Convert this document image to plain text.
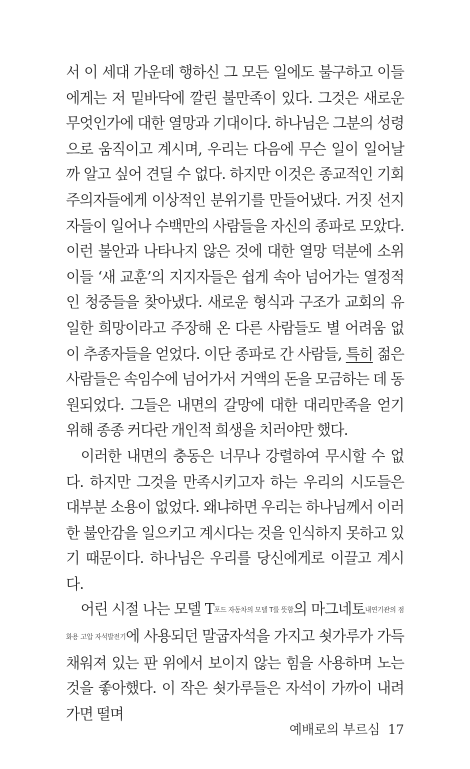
서 이 세대 가운데 행하신 그 모든 일에도 불구하고 이들에게는 저 밑바닥에 깔린 불만족이 있다. 그것은 새로운 무엇인가에 대한 열망과 기대이다. 하나님은 그분의 성령으로 움직이고 계시며, 우리는 다음에 무슨 일이 일어날까 알고 싶어 견딜 수 없다. 하지만 이것은 종교적인 기회주의자들에게 이상적인 분위기를 만들어냈다. 거짓 선지자들이 일어나 수백만의 사람들을 자신의 종파로 모았다. 이런 불안과 나타나지 않은 것에 대한 열망 덕분에 소위 이들 ‘새 교훈’의 지지자들은 쉽게 속아 넘어가는 열정적인 청중들을 찾아냈다. 새로운 형식과 구조가 교회의 유일한 희망이라고 주장해 온 다른 사람들도 별 어려움 없이 추종자들을 얻었다. 이단 종파로 간 사람들, 특히 젊은 사람들은 속임수에 넘어가서 거액의 돈을 모금하는 데 동원되었다. 그들은 내면의 갈망에 대한 대리만족을 얻기 위해 종종 커다란 개인적 희생을 치러야만 했다.

이러한 내면의 충동은 너무나 강렬하여 무시할 수 없다. 하지만 그것을 만족시키고자 하는 우리의 시도들은 대부분 소용이 없었다. 왜냐하면 우리는 하나님께서 이러한 불안감을 일으키고 계시다는 것을 인식하지 못하고 있기 때문이다. 하나님은 우리를 당신에게로 이끌고 계시다.

어린 시절 나는 모델 T포드 자동차의 모델 T를 뜻함의 마그네토내연기관의 점화용 고압 자석발전기에 사용되던 말굽자석을 가지고 쇳가루가 가득 채워져 있는 판 위에서 보이지 않는 힘을 사용하며 노는 것을 좋아했다. 이 작은 쇳가루들은 자석이 가까이 내려가면 떨며

예배로의 부르심 17
